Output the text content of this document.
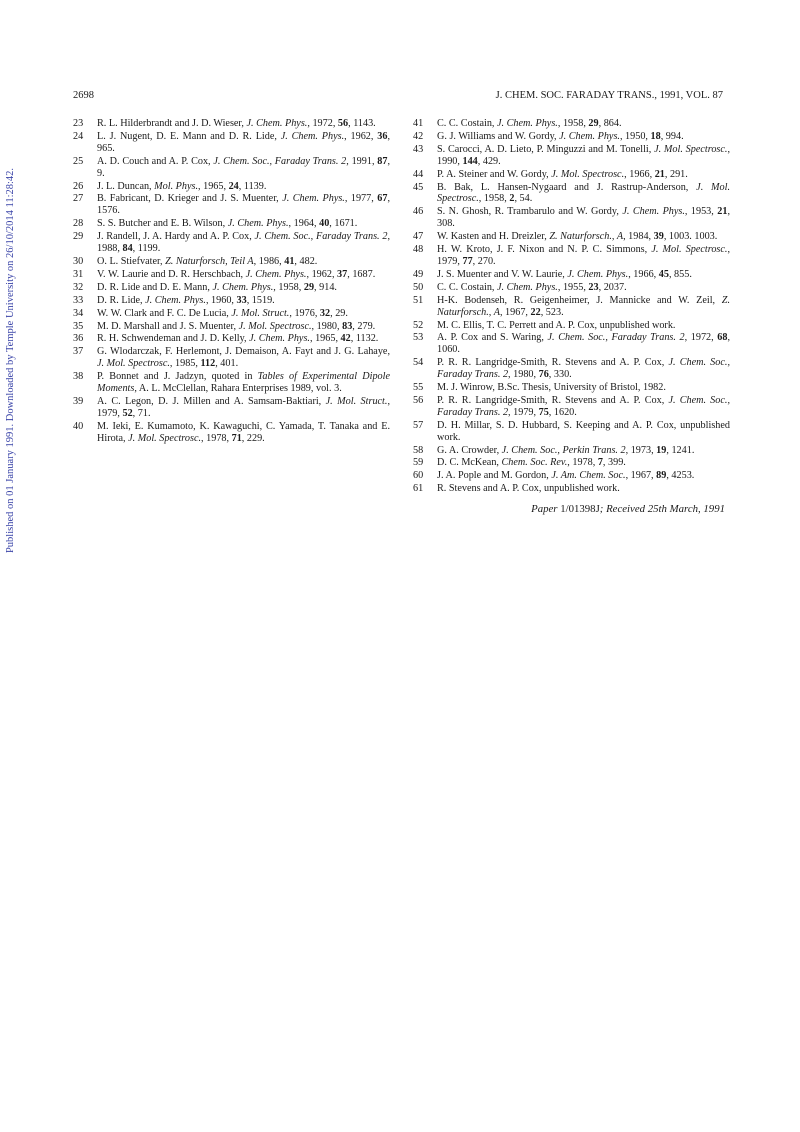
Published on 01 January 1991. Downloaded by Temple University on 26/10/2014 11:28:42.
2698	J. CHEM. SOC. FARADAY TRANS., 1991, VOL. 87
23	R. L. Hilderbrandt and J. D. Wieser, J. Chem. Phys., 1972, 56, 1143.
24	L. J. Nugent, D. E. Mann and D. R. Lide, J. Chem. Phys., 1962, 36, 965.
25	A. D. Couch and A. P. Cox, J. Chem. Soc., Faraday Trans. 2, 1991, 87, 9.
26	J. L. Duncan, Mol. Phys., 1965, 24, 1139.
27	B. Fabricant, D. Krieger and J. S. Muenter, J. Chem. Phys., 1977, 67, 1576.
28	S. S. Butcher and E. B. Wilson, J. Chem. Phys., 1964, 40, 1671.
29	J. Randell, J. A. Hardy and A. P. Cox, J. Chem. Soc., Faraday Trans. 2, 1988, 84, 1199.
30	O. L. Stiefvater, Z. Naturforsch, Teil A, 1986, 41, 482.
31	V. W. Laurie and D. R. Herschbach, J. Chem. Phys., 1962, 37, 1687.
32	D. R. Lide and D. E. Mann, J. Chem. Phys., 1958, 29, 914.
33	D. R. Lide, J. Chem. Phys., 1960, 33, 1519.
34	W. W. Clark and F. C. De Lucia, J. Mol. Struct., 1976, 32, 29.
35	M. D. Marshall and J. S. Muenter, J. Mol. Spectrosc., 1980, 83, 279.
36	R. H. Schwendeman and J. D. Kelly, J. Chem. Phys., 1965, 42, 1132.
37	G. Wlodarczak, F. Herlemont, J. Demaison, A. Fayt and J. G. Lahaye, J. Mol. Spectrosc., 1985, 112, 401.
38	P. Bonnet and J. Jadzyn, quoted in Tables of Experimental Dipole Moments, A. L. McClellan, Rahara Enterprises 1989, vol. 3.
39	A. C. Legon, D. J. Millen and A. Samsam-Baktiari, J. Mol. Struct., 1979, 52, 71.
40	M. Ieki, E. Kumamoto, K. Kawaguchi, C. Yamada, T. Tanaka and E. Hirota, J. Mol. Spectrosc., 1978, 71, 229.
41	C. C. Costain, J. Chem. Phys., 1958, 29, 864.
42	G. J. Williams and W. Gordy, J. Chem. Phys., 1950, 18, 994.
43	S. Carocci, A. D. Lieto, P. Minguzzi and M. Tonelli, J. Mol. Spectrosc., 1990, 144, 429.
44	P. A. Steiner and W. Gordy, J. Mol. Spectrosc., 1966, 21, 291.
45	B. Bak, L. Hansen-Nygaard and J. Rastrup-Anderson, J. Mol. Spectrosc., 1958, 2, 54.
46	S. N. Ghosh, R. Trambarulo and W. Gordy, J. Chem. Phys., 1953, 21, 308.
47	W. Kasten and H. Dreizler, Z. Naturforsch., A, 1984, 39, 1003. 1003.
48	H. W. Kroto, J. F. Nixon and N. P. C. Simmons, J. Mol. Spectrosc., 1979, 77, 270.
49	J. S. Muenter and V. W. Laurie, J. Chem. Phys., 1966, 45, 855.
50	C. C. Costain, J. Chem. Phys., 1955, 23, 2037.
51	H-K. Bodenseh, R. Geigenheimer, J. Mannicke and W. Zeil, Z. Naturforsch., A, 1967, 22, 523.
52	M. C. Ellis, T. C. Perrett and A. P. Cox, unpublished work.
53	A. P. Cox and S. Waring, J. Chem. Soc., Faraday Trans. 2, 1972, 68, 1060.
54	P. R. R. Langridge-Smith, R. Stevens and A. P. Cox, J. Chem. Soc., Faraday Trans. 2, 1980, 76, 330.
55	M. J. Winrow, B.Sc. Thesis, University of Bristol, 1982.
56	P. R. R. Langridge-Smith, R. Stevens and A. P. Cox, J. Chem. Soc., Faraday Trans. 2, 1979, 75, 1620.
57	D. H. Millar, S. D. Hubbard, S. Keeping and A. P. Cox, unpublished work.
58	G. A. Crowder, J. Chem. Soc., Perkin Trans. 2, 1973, 19, 1241.
59	D. C. McKean, Chem. Soc. Rev., 1978, 7, 399.
60	J. A. Pople and M. Gordon, J. Am. Chem. Soc., 1967, 89, 4253.
61	R. Stevens and A. P. Cox, unpublished work.
Paper 1/01398J; Received 25th March, 1991
